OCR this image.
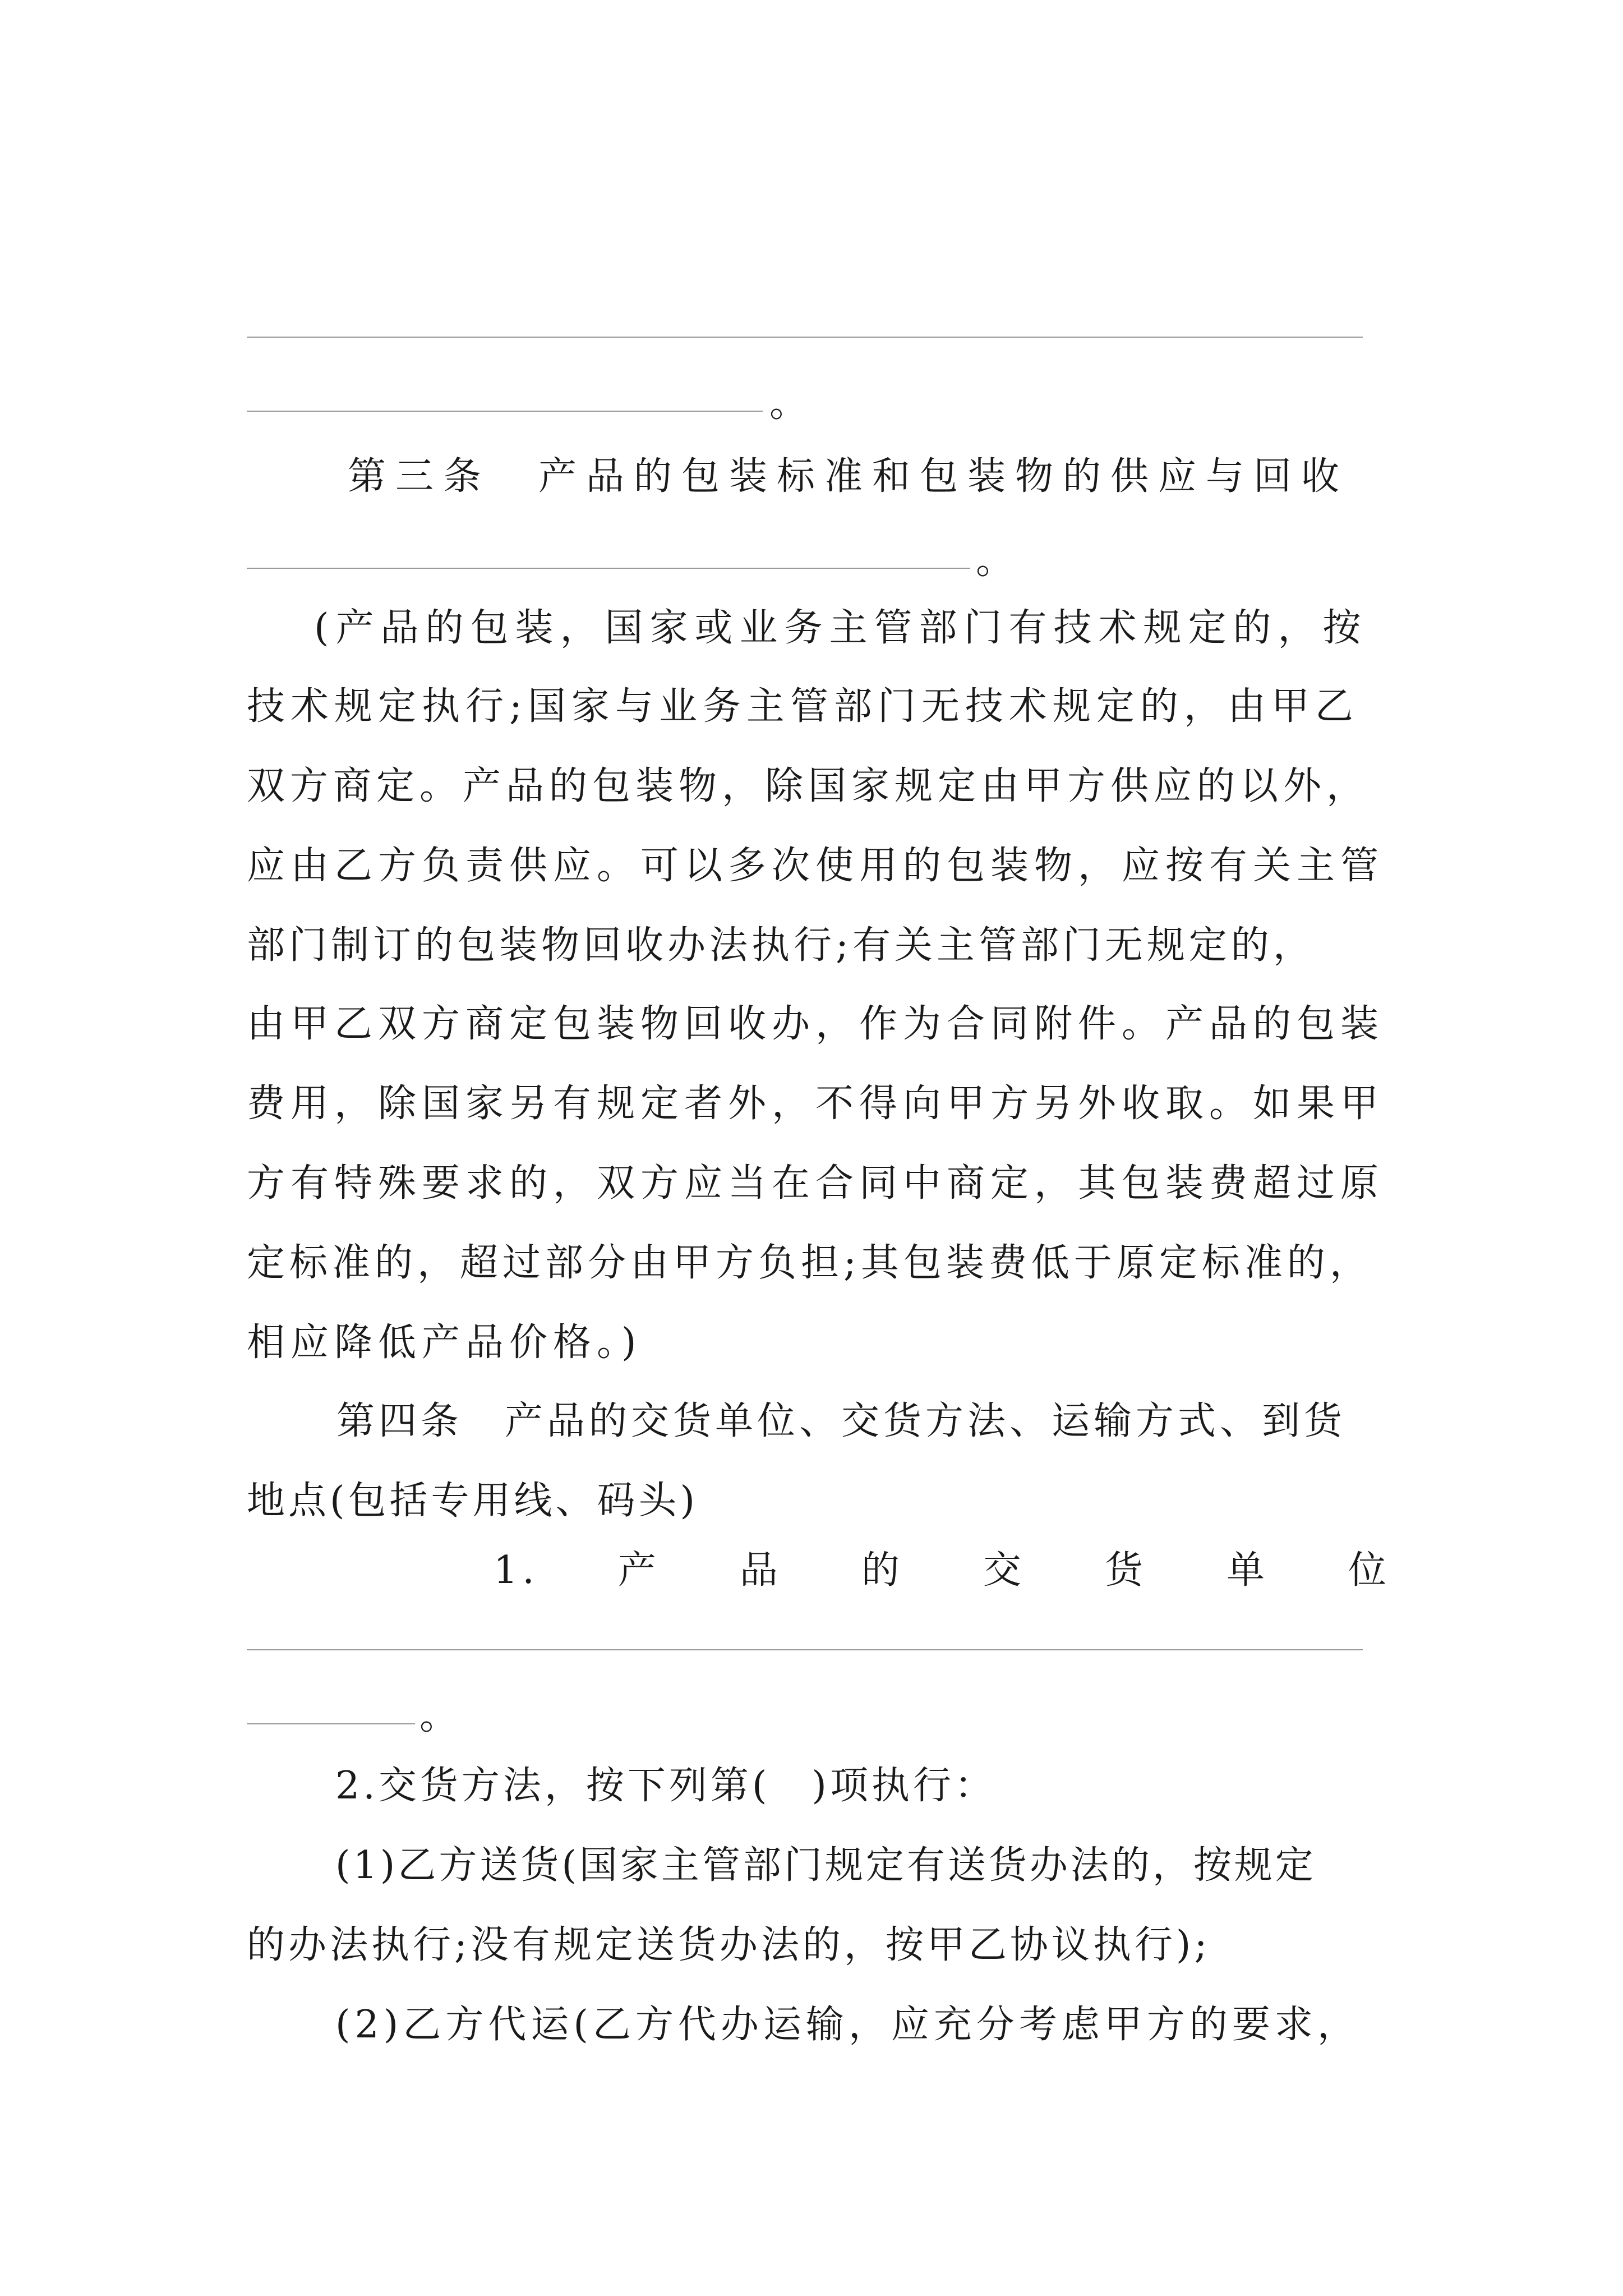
。
第三条　产品的包装标准和包装物的供应与回收
。
(产品的包装，国家或业务主管部门有技术规定的，按
技术规定执行;国家与业务主管部门无技术规定的，由甲乙
双方商定。产品的包装物，除国家规定由甲方供应的以外，
应由乙方负责供应。可以多次使用的包装物，应按有关主管
部门制订的包装物回收办法执行;有关主管部门无规定的，
由甲乙双方商定包装物回收办，作为合同附件。产品的包装
费用，除国家另有规定者外，不得向甲方另外收取。如果甲
方有特殊要求的，双方应当在合同中商定，其包装费超过原
定标准的，超过部分由甲方负担;其包装费低于原定标准的，
相应降低产品价格。)
第四条　产品的交货单位、交货方法、运输方式、到货
地点(包括专用线、码头)
1. 产 品 的 交 货 单 位
。
2.交货方法，按下列第(　)项执行：
(1)乙方送货(国家主管部门规定有送货办法的，按规定
的办法执行;没有规定送货办法的，按甲乙协议执行);
(2)乙方代运(乙方代办运输，应充分考虑甲方的要求，
